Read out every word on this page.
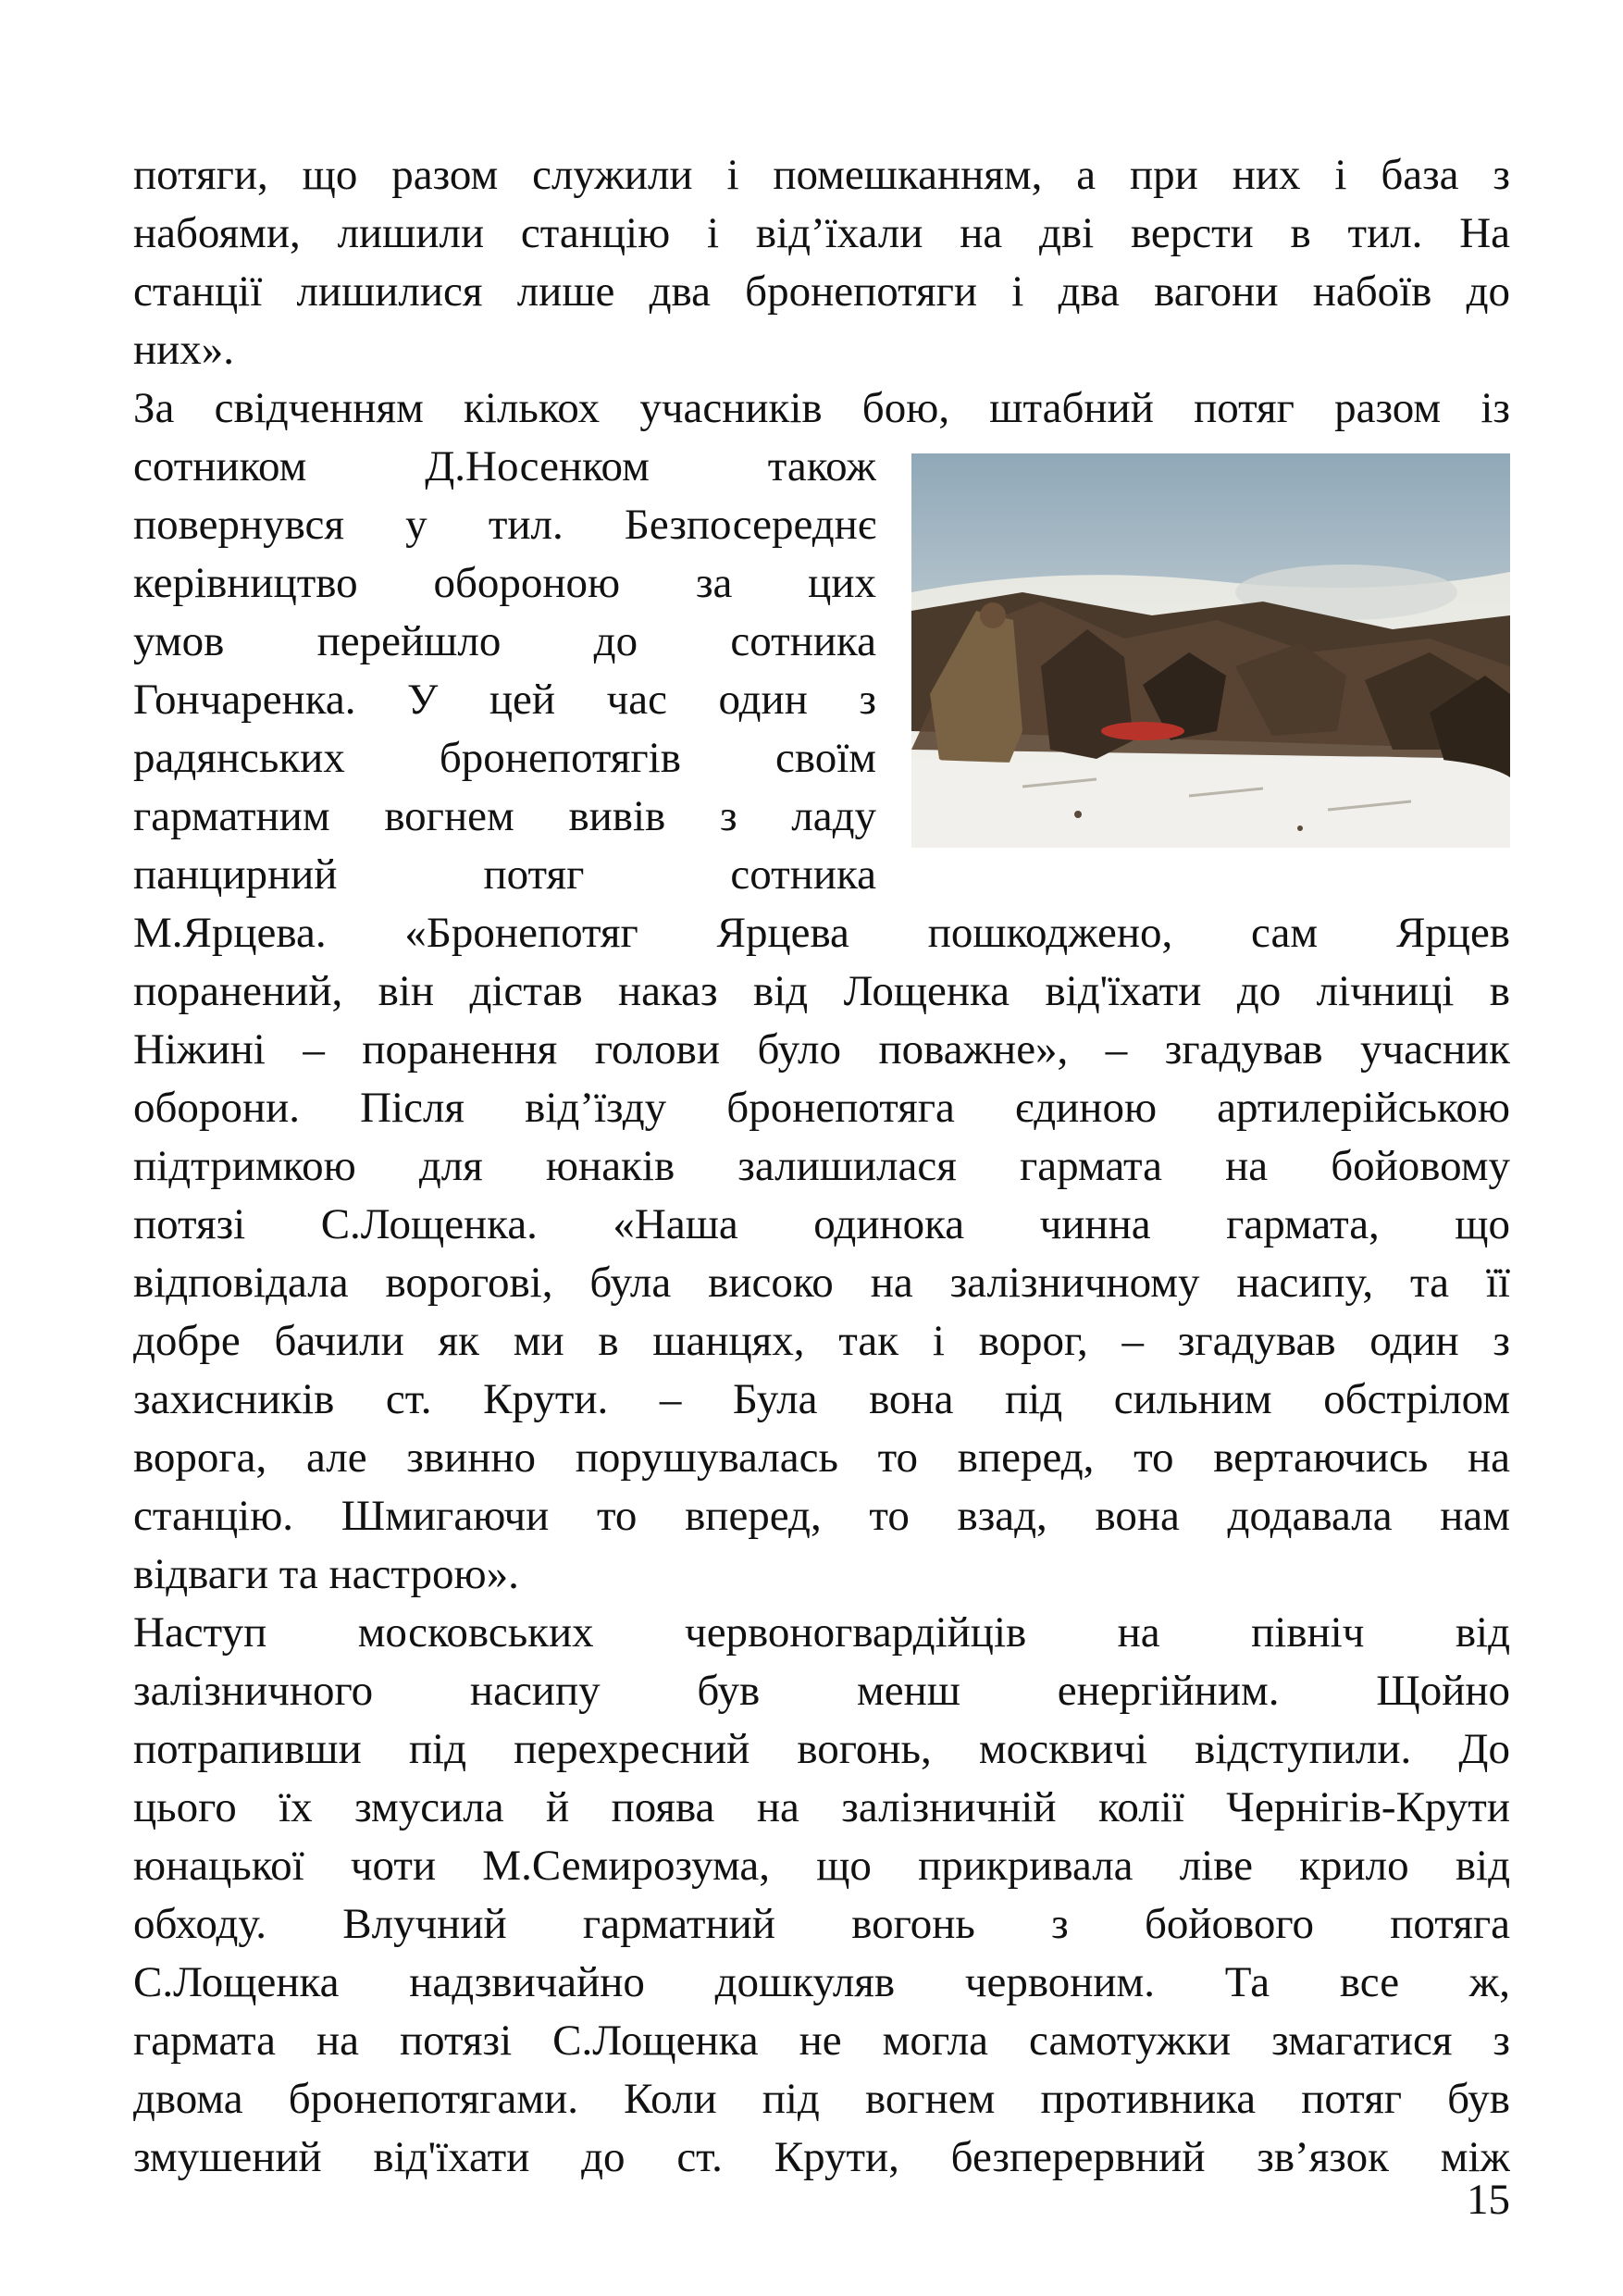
потяги, що разом служили і помешканням, а при них і база з
набоями, лишили станцію і від’їхали на дві версти в тил. На
станції лишилися лише два бронепотяги і два вагони набоїв до
них».
За свідченням кількох учасників бою, штабний потяг разом із
сотником Д.Носенком також
повернувся у тил. Безпосереднє
керівництво обороною за цих
умов перейшло до сотника
Гончаренка. У цей час один з
радянських бронепотягів своїм
гарматним вогнем вивів з ладу
панцирний потяг сотника
М.Ярцева. «Бронепотяг Ярцева пошкоджено, сам Ярцев
поранений, він дістав наказ від Лощенка від'їхати до лічниці в
Ніжині – поранення голови було поважне», – згадував учасник
оборони. Після від’їзду бронепотяга єдиною артилерійською
підтримкою для юнаків залишилася гармата на бойовому
потязі С.Лощенка. «Наша одинока чинна гармата, що
відповідала ворогові, була високо на залізничному насипу, та її
добре бачили як ми в шанцях, так і ворог, – згадував один з
захисників ст. Крути. – Була вона під сильним обстрілом
ворога, але звинно порушувалась то вперед, то вертаючись на
станцію. Шмигаючи то вперед, то взад, вона додавала нам
відваги та настрою».
Наступ московських червоногвардійців на північ від
залізничного насипу був менш енергійним. Щойно
потрапивши під перехресний вогонь, москвичі відступили. До
цього їх змусила й поява на залізничній колії Чернігів-Крути
юнацької чоти М.Семирозума, що прикривала ліве крило від
обходу. Влучний гарматний вогонь з бойового потяга
С.Лощенка надзвичайно дошкуляв червоним. Та все ж,
гармата на потязі С.Лощенка не могла самотужки змагатися з
двома бронепотягами. Коли під вогнем противника потяг був
змушений від'їхати до ст. Крути, безперервний зв’язок між
15
